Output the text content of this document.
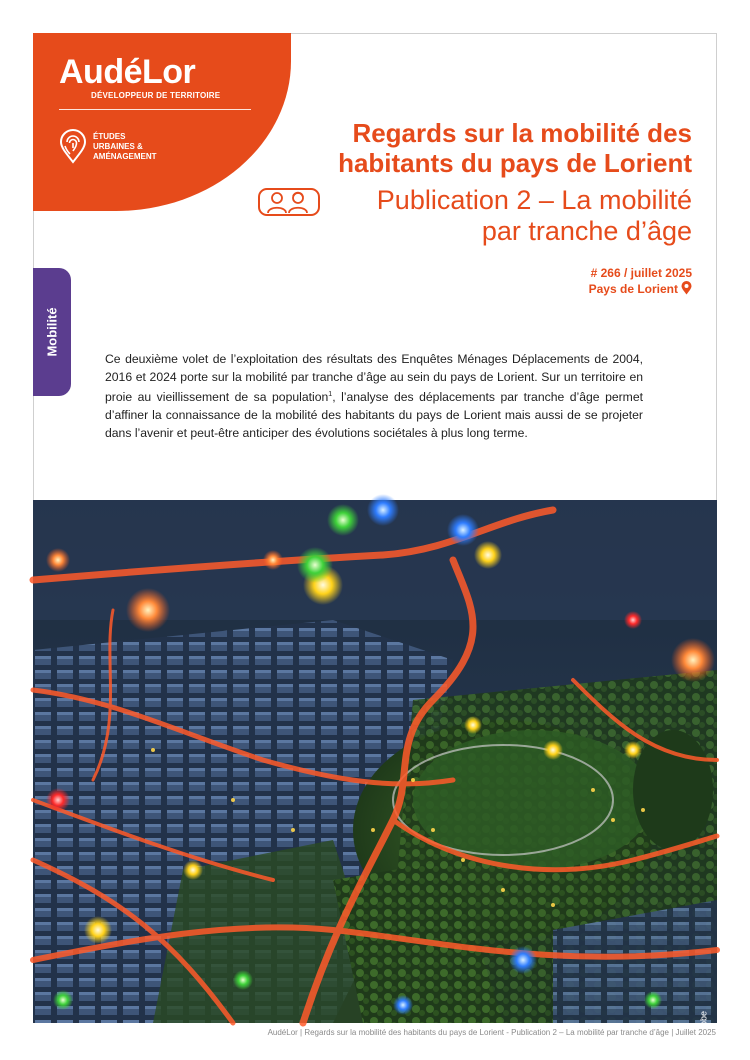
AudéLor
DÉVELOPPEUR DE TERRITOIRE
ÉTUDES
URBAINES &
AMÉNAGEMENT
Regards sur la mobilité des
habitants du pays de Lorient
Publication 2 – La mobilité
par tranche d’âge
# 266 / juillet 2025
Pays de Lorient
Mobilité
Ce deuxième volet de l’exploitation des résultats des Enquêtes Ménages Déplacements de 2004, 2016 et 2024 porte sur la mobilité par tranche d’âge au sein du pays de Lorient. Sur un territoire en proie au vieillissement de sa population$^1$, l’analyse des déplacements par tranche d’âge permet d’affiner la connaissance de la mobilité des habitants du pays de Lorient mais aussi de se projeter dans l’avenir et peut-être anticiper des évolutions sociétales à plus long terme.
© Adobe
AudéLor | Regards sur la mobilité des habitants du pays de Lorient - Publication 2 – La mobilité par tranche d’âge | Juillet 2025
